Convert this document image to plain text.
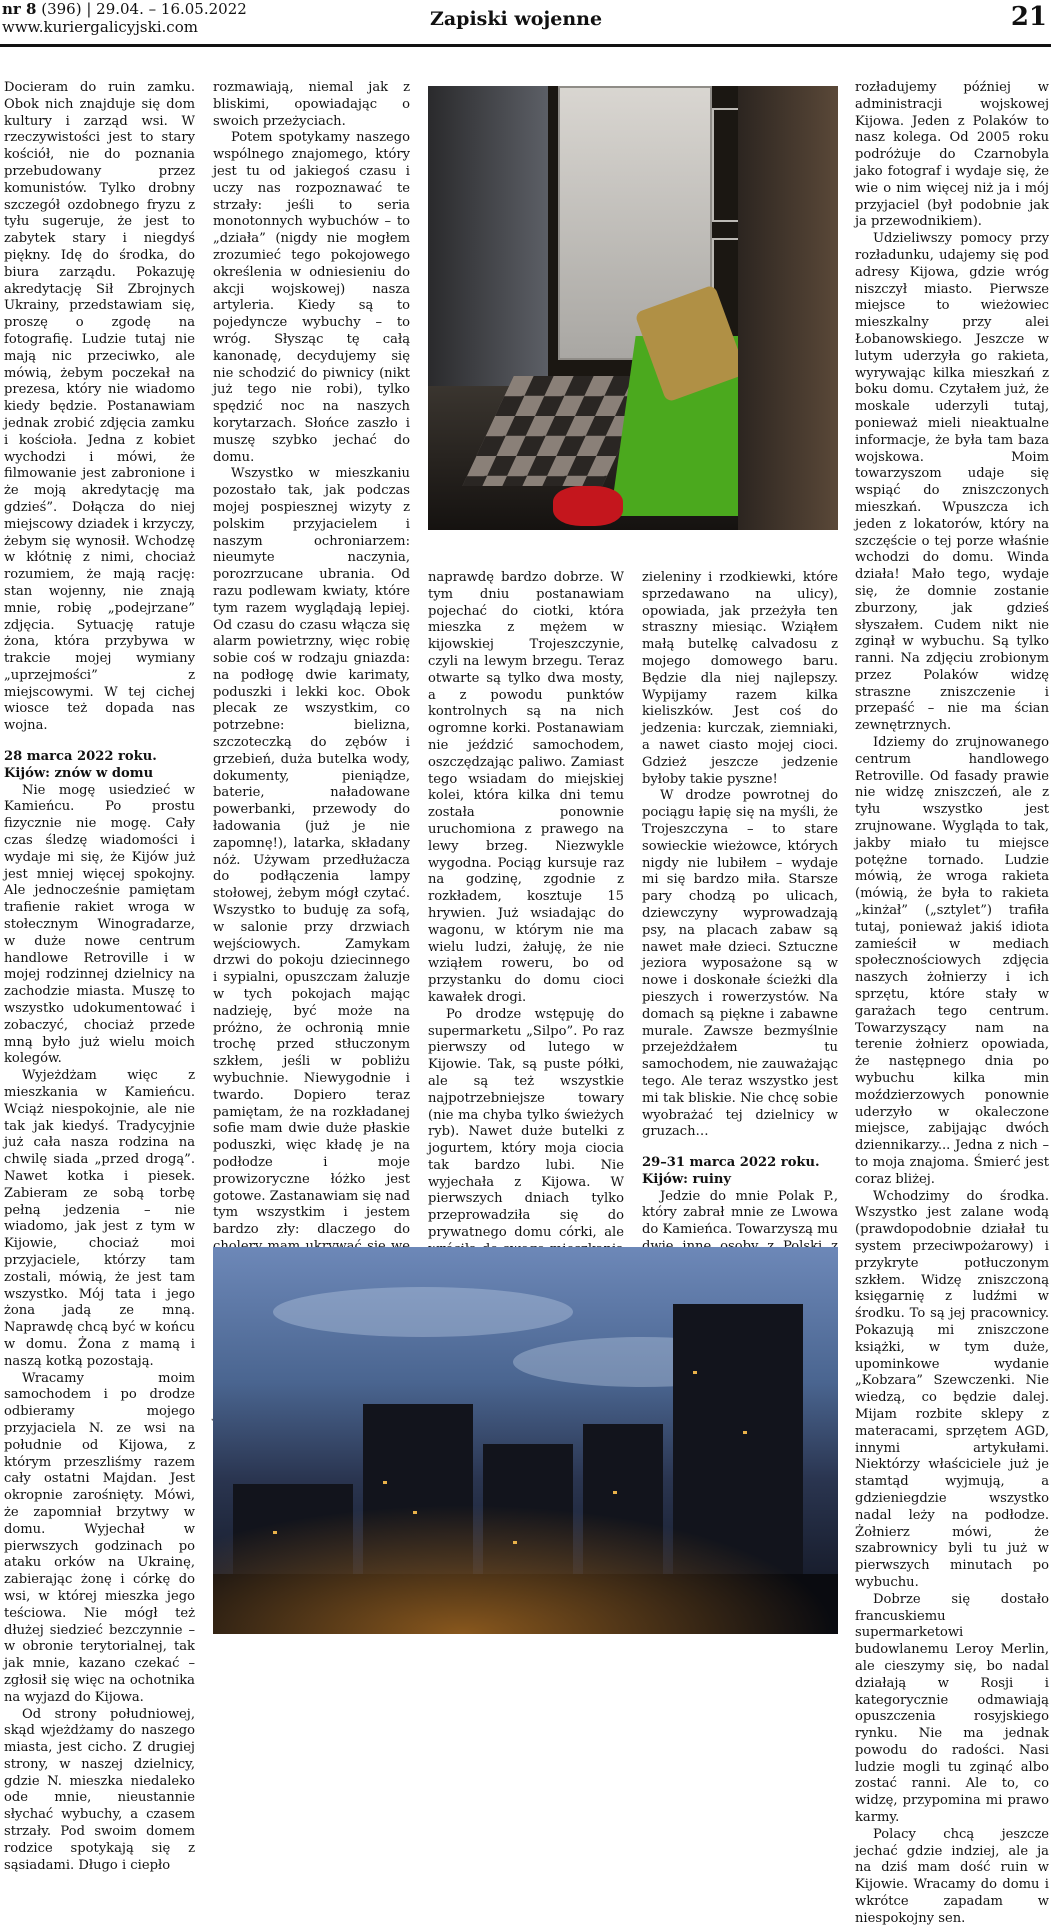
nr 8 (396) | 29.04. – 16.05.2022
www.kuriergalicyjski.com	Zapiski wojenne	21

Docieram do ruin zamku. Obok nich znajduje się dom kultury i zarząd wsi. W rzeczywistości jest to stary kościół, nie do poznania przebudowany przez komunistów. Tylko drobny szczegół ozdobnego fryzu z tyłu sugeruje, że jest to zabytek stary i niegdyś piękny. Idę do środka, do biura zarządu. Pokazuję akredytację Sił Zbrojnych Ukrainy, przedstawiam się, proszę o zgodę na fotografię. Ludzie tutaj nie mają nic przeciwko, ale mówią, żebym poczekał na prezesa, który nie wiadomo kiedy będzie. Postanawiam jednak zrobić zdjęcia zamku i kościoła. Jedna z kobiet wychodzi i mówi, że filmowanie jest zabronione i że moją akredytację ma gdzieś”. Dołącza do niej miejscowy dziadek i krzyczy, żebym się wynosił. Wchodzę w kłótnię z nimi, chociaż rozumiem, że mają rację: stan wojenny, nie znają mnie, robię „podejrzane” zdjęcia. Sytuację ratuje żona, która przybywa w trakcie mojej wymiany „uprzejmości” z miejscowymi. W tej cichej wiosce też dopada nas wojna.

28 marca 2022 roku.
Kijów: znów w domu

Nie mogę usiedzieć w Kamieńcu. Po prostu fizycznie nie mogę. Cały czas śledzę wiadomości i wydaje mi się, że Kijów już jest mniej więcej spokojny. Ale jednocześnie pamiętam trafienie rakiet wroga w stołecznym Winogradarze, w duże nowe centrum handlowe Retroville i w mojej rodzinnej dzielnicy na zachodzie miasta. Muszę to wszystko udokumentować i zobaczyć, chociaż przede mną było już wielu moich kolegów.

Wyjeżdżam więc z mieszkania w Kamieńcu. Wciąż niespokojnie, ale nie tak jak kiedyś. Tradycyjnie już cała nasza rodzina na chwilę siada „przed drogą”. Nawet kotka i piesek. Zabieram ze sobą torbę pełną jedzenia – nie wiadomo, jak jest z tym w Kijowie, chociaż moi przyjaciele, którzy tam zostali, mówią, że jest tam wszystko. Mój tata i jego żona jadą ze mną. Naprawdę chcą być w końcu w domu. Żona z mamą i naszą kotką pozostają.

Wracamy moim samochodem i po drodze odbieramy mojego przyjaciela N. ze wsi na południe od Kijowa, z którym przeszliśmy razem cały ostatni Majdan. Jest okropnie zarośnięty. Mówi, że zapomniał brzytwy w domu. Wyjechał w pierwszych godzinach po ataku orków na Ukrainę, zabierając żonę i córkę do wsi, w której mieszka jego teściowa. Nie mógł też dłużej siedzieć bezczynnie – w obronie terytorialnej, tak jak mnie, kazano czekać – zgłosił się więc na ochotnika na wyjazd do Kijowa.

Od strony południowej, skąd wjeżdżamy do naszego miasta, jest cicho. Z drugiej strony, w naszej dzielnicy, gdzie N. mieszka niedaleko ode mnie, nieustannie słychać wybuchy, a czasem strzały. Pod swoim domem rodzice spotykają się z sąsiadami. Długo i ciepło

rozmawiają, niemal jak z bliskimi, opowiadając o swoich przeżyciach.

Potem spotykamy naszego wspólnego znajomego, który jest tu od jakiegoś czasu i uczy nas rozpoznawać te strzały: jeśli to seria monotonnych wybuchów – to „działa” (nigdy nie mogłem zrozumieć tego pokojowego określenia w odniesieniu do akcji wojskowej) nasza artyleria. Kiedy są to pojedyncze wybuchy – to wróg. Słysząc tę całą kanonadę, decydujemy się nie schodzić do piwnicy (nikt już tego nie robi), tylko spędzić noc na naszych korytarzach. Słońce zaszło i muszę szybko jechać do domu.

Wszystko w mieszkaniu pozostało tak, jak podczas mojej pospiesznej wizyty z polskim przyjacielem i naszym ochroniarzem: nieumyte naczynia, porozrzucane ubrania. Od razu podlewam kwiaty, które tym razem wyglądają lepiej. Od czasu do czasu włącza się alarm powietrzny, więc robię sobie coś w rodzaju gniazda: na podłogę dwie karimaty, poduszki i lekki koc. Obok plecak ze wszystkim, co potrzebne: bielizna, szczoteczką do zębów i grzebień, duża butelka wody, dokumenty, pieniądze, baterie, naładowane powerbanki, przewody do ładowania (już je nie zapomnę!), latarka, składany nóż. Używam przedłużacza do podłączenia lampy stołowej, żebym mógł czytać. Wszystko to buduję za sofą, w salonie przy drzwiach wejściowych. Zamykam drzwi do pokoju dziecinnego i sypialni, opuszczam żaluzje w tych pokojach mając nadzieję, być może na próżno, że ochronią mnie trochę przed stłuczonym szkłem, jeśli w pobliżu wybuchnie. Niewygodnie i twardo. Dopiero teraz pamiętam, że na rozkładanej sofie mam dwie duże płaskie poduszki, więc kładę je na podłodze i moje prowizoryczne łóżko jest gotowe. Zastanawiam się nad tym wszystkim i jestem bardzo zły: dlaczego do

naprawdę bardzo dobrze. W tym dniu postanawiam pojechać do ciotki, która mieszka z mężem w kijowskiej Trojeszczynie, czyli na lewym brzegu. Teraz otwarte są tylko dwa mosty, a z powodu punktów kontrolnych są na nich ogromne korki. Postanawiam nie jeździć samochodem, oszczędzając paliwo. Zamiast tego wsiadam do miejskiej kolei, która kilka dni temu została ponownie uruchomiona z prawego na lewy brzeg. Niezwykle wygodna. Pociąg kursuje raz na godzinę, zgodnie z rozkładem, kosztuje 15 hrywien. Już wsiadając do wagonu, w którym nie ma wielu ludzi, żałuję, że nie wziąłem roweru, bo od przystanku do domu cioci kawałek drogi.

Po drodze wstępuję do supermarketu „Silpo”. Po raz pierwszy od lutego w Kijowie. Tak, są puste półki, ale są też wszystkie najpotrzebniejsze towary (nie ma chyba tylko świeżych ryb). Nawet duże butelki z jogurtem, który moja ciocia tak bardzo lubi. Nie wyjechała z Kijowa. W pierwszych dniach tylko przeprowadziła się do prywatnego domu córki, ale

zieleniny i rzodkiewki, które sprzedawano na ulicy), opowiada, jak przeżyła ten straszny miesiąc. Wziąłem małą butelkę calvadosu z mojego domowego baru. Będzie dla niej najlepszy. Wypijamy razem kilka kieliszków. Jest coś do jedzenia: kurczak, ziemniaki, a nawet ciasto mojej cioci. Gdzież jeszcze jedzenie byłoby takie pyszne!

W drodze powrotnej do pociągu łapię się na myśli, że Trojeszczyna – to stare sowieckie wieżowce, których nigdy nie lubiłem – wydaje mi się bardzo miła. Starsze pary chodzą po ulicach, dziewczyny wyprowadzają psy, na placach zabaw są nawet małe dzieci. Sztuczne jeziora wyposażone są w nowe i doskonałe ścieżki dla pieszych i rowerzystów. Na domach są piękne i zabawne murale. Zawsze bezmyślnie przejeżdżałem tu samochodem, nie zauważając tego. Ale teraz wszystko jest mi tak bliskie. Nie chcę sobie wyobrażać tej dzielnicy w gruzach…

29–31 marca 2022 roku.
Kijów: ruiny

Jedzie do mnie Polak P., który zabrał mnie ze Lwowa do Kamieńca. Towarzyszą mu

rozładujemy później w administracji wojskowej Kijowa. Jeden z Polaków to nasz kolega. Od 2005 roku podróżuje do Czarnobyla jako fotograf i wydaje się, że wie o nim więcej niż ja i mój przyjaciel (był podobnie jak ja przewodnikiem).

Udzieliwszy pomocy przy rozładunku, udajemy się pod adresy Kijowa, gdzie wróg niszczył miasto. Pierwsze miejsce to wieżowiec mieszkalny przy alei Łobanowskiego. Jeszcze w lutym uderzyła go rakieta, wyrywając kilka mieszkań z boku domu. Czytałem już, że moskale uderzyli tutaj, ponieważ mieli nieaktualne informacje, że była tam baza wojskowa. Moim towarzyszom udaje się wspiąć do zniszczonych mieszkań. Wpuszcza ich jeden z lokatorów, który na szczęście o tej porze właśnie wchodzi do domu. Winda działa! Mało tego, wydaje się, że domnie zostanie zburzony, jak gdzieś słyszałem. Cudem nikt nie zginął w wybuchu. Są tylko ranni. Na zdjęciu zrobionym przez Polaków widzę straszne zniszczenie i przepaść – nie ma ścian zewnętrznych.

Idziemy do zrujnowanego centrum handlowego Retroville. Od fasady prawie nie widzę zniszczeń, ale z tyłu wszystko jest zrujnowane. Wygląda to tak, jakby miało tu miejsce potężne tornado. Ludzie mówią, że wroga rakieta (mówią, że była to rakieta „kinżał” („sztylet”) trafiła tutaj, ponieważ jakiś idiota zamieścił w mediach społecznościowych zdjęcia naszych żołnierzy i ich sprzętu, które stały w garażach tego centrum. Towarzyszący nam na terenie żołnierz opowiada, że następnego dnia po wybuchu kilka min moździerzowych ponownie uderzyło w okaleczone miejsce, zabijając dwóch dziennikarzy... Jedna z nich – to moja znajoma. Śmierć jest coraz bliżej.

Wchodzimy do środka. Wszystko jest zalane wodą (prawdopodobnie działał tu system przeciwpożarowy) i przykryte potłuczonym szkłem. Widzę zniszczoną księgarnię z ludźmi w środku. To są jej pracownicy. Pokazują mi zniszczone książki, w tym duże, upominkowe wydanie „Kobzara” Szewczenki. Nie wiedzą, co będzie dalej. Mijam rozbite sklepy z materacami, sprzętem AGD, innymi artykułami. Niektórzy właściciele już je stamtąd wyjmują, a gdzieniegdzie wszystko nadal leży na podłodze. Żołnierz mówi, że szabrownicy byli tu już w pierwszych minutach po wybuchu.

Dobrze się dostało francuskiemu supermarketowi budowlanemu Leroy Merlin, ale cieszymy się, bo nadal działają w Rosji i kategorycznie odmawiają opuszczenia rosyjskiego rynku. Nie ma jednak powodu do radości. Nasi ludzie mogli tu zginąć albo zostać ranni. Ale to, co widzę, przypomina mi prawo karmy.

Polacy chcą jeszcze jechać gdzie indziej, ale ja na dziś mam dość ruin w Kijowie. Wracamy do domu i wkrótce zapadam w niespokojny sen.
